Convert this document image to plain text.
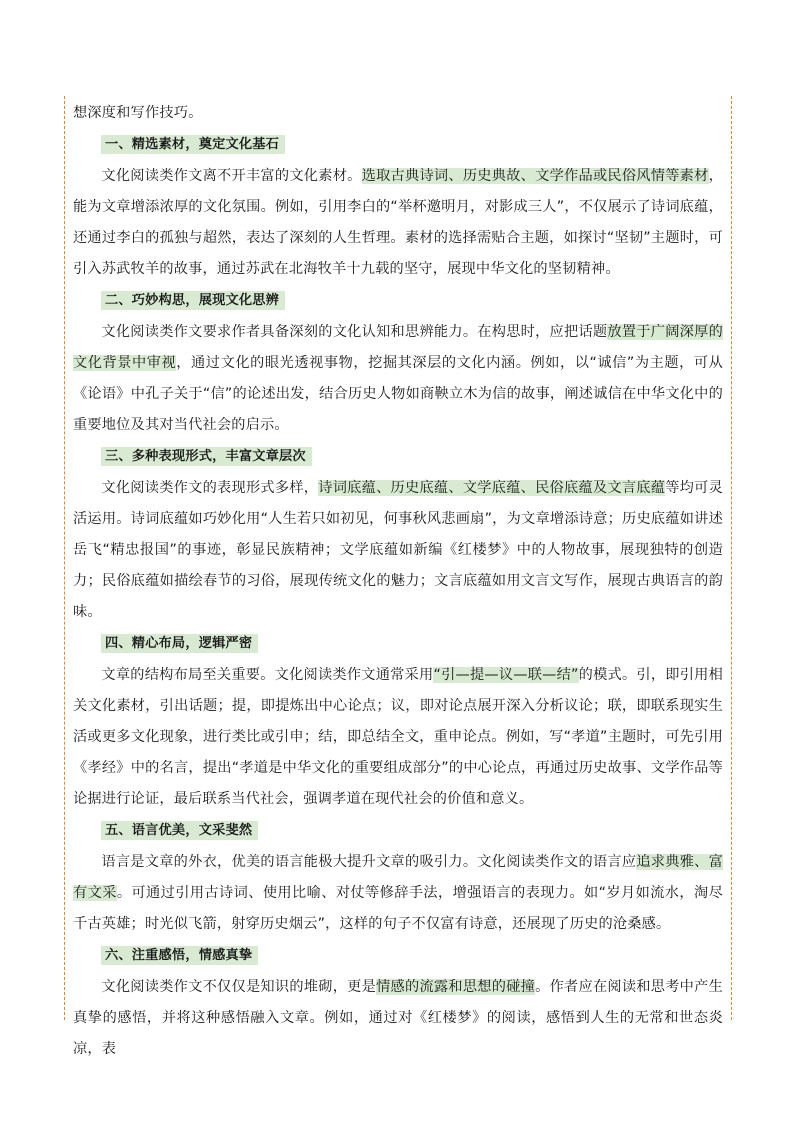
想深度和写作技巧。

一、精选素材，奠定文化基石

文化阅读类作文离不开丰富的文化素材。选取古典诗词、历史典故、文学作品或民俗风情等素材，能为文章增添浓厚的文化氛围。例如，引用李白的“举杯邀明月，对影成三人”，不仅展示了诗词底蕴，还通过李白的孤独与超然，表达了深刻的人生哲理。素材的选择需贴合主题，如探讨“坚韧”主题时，可引入苏武牧羊的故事，通过苏武在北海牧羊十九载的坚守，展现中华文化的坚韧精神。

二、巧妙构思，展现文化思辨

文化阅读类作文要求作者具备深刻的文化认知和思辨能力。在构思时，应把话题放置于广阔深厚的文化背景中审视，通过文化的眼光透视事物，挖掘其深层的文化内涵。例如，以“诚信”为主题，可从《论语》中孔子关于“信”的论述出发，结合历史人物如商鞅立木为信的故事，阐述诚信在中华文化中的重要地位及其对当代社会的启示。

三、多种表现形式，丰富文章层次

文化阅读类作文的表现形式多样，诗词底蕴、历史底蕴、文学底蕴、民俗底蕴及文言底蕴等均可灵活运用。诗词底蕴如巧妙化用“人生若只如初见，何事秋风悲画扇”，为文章增添诗意；历史底蕴如讲述岳飞“精忠报国”的事迹，彰显民族精神；文学底蕴如新编《红楼梦》中的人物故事，展现独特的创造力；民俗底蕴如描绘春节的习俗，展现传统文化的魅力；文言底蕴如用文言文写作，展现古典语言的韵味。

四、精心布局，逻辑严密

文章的结构布局至关重要。文化阅读类作文通常采用“引—提—议—联—结”的模式。引，即引用相关文化素材，引出话题；提，即提炼出中心论点；议，即对论点展开深入分析议论；联，即联系现实生活或更多文化现象，进行类比或引申；结，即总结全文，重申论点。例如，写“孝道”主题时，可先引用《孝经》中的名言，提出“孝道是中华文化的重要组成部分”的中心论点，再通过历史故事、文学作品等论据进行论证，最后联系当代社会，强调孝道在现代社会的价值和意义。

五、语言优美，文采斐然

语言是文章的外衣，优美的语言能极大提升文章的吸引力。文化阅读类作文的语言应追求典雅、富有文采。可通过引用古诗词、使用比喻、对仗等修辞手法，增强语言的表现力。如“岁月如流水，淘尽千古英雄；时光似飞箭，射穿历史烟云”，这样的句子不仅富有诗意，还展现了历史的沧桑感。

六、注重感悟，情感真挚

文化阅读类作文不仅仅是知识的堆砌，更是情感的流露和思想的碰撞。作者应在阅读和思考中产生真挚的感悟，并将这种感悟融入文章。例如，通过对《红楼梦》的阅读，感悟到人生的无常和世态炎凉，表
